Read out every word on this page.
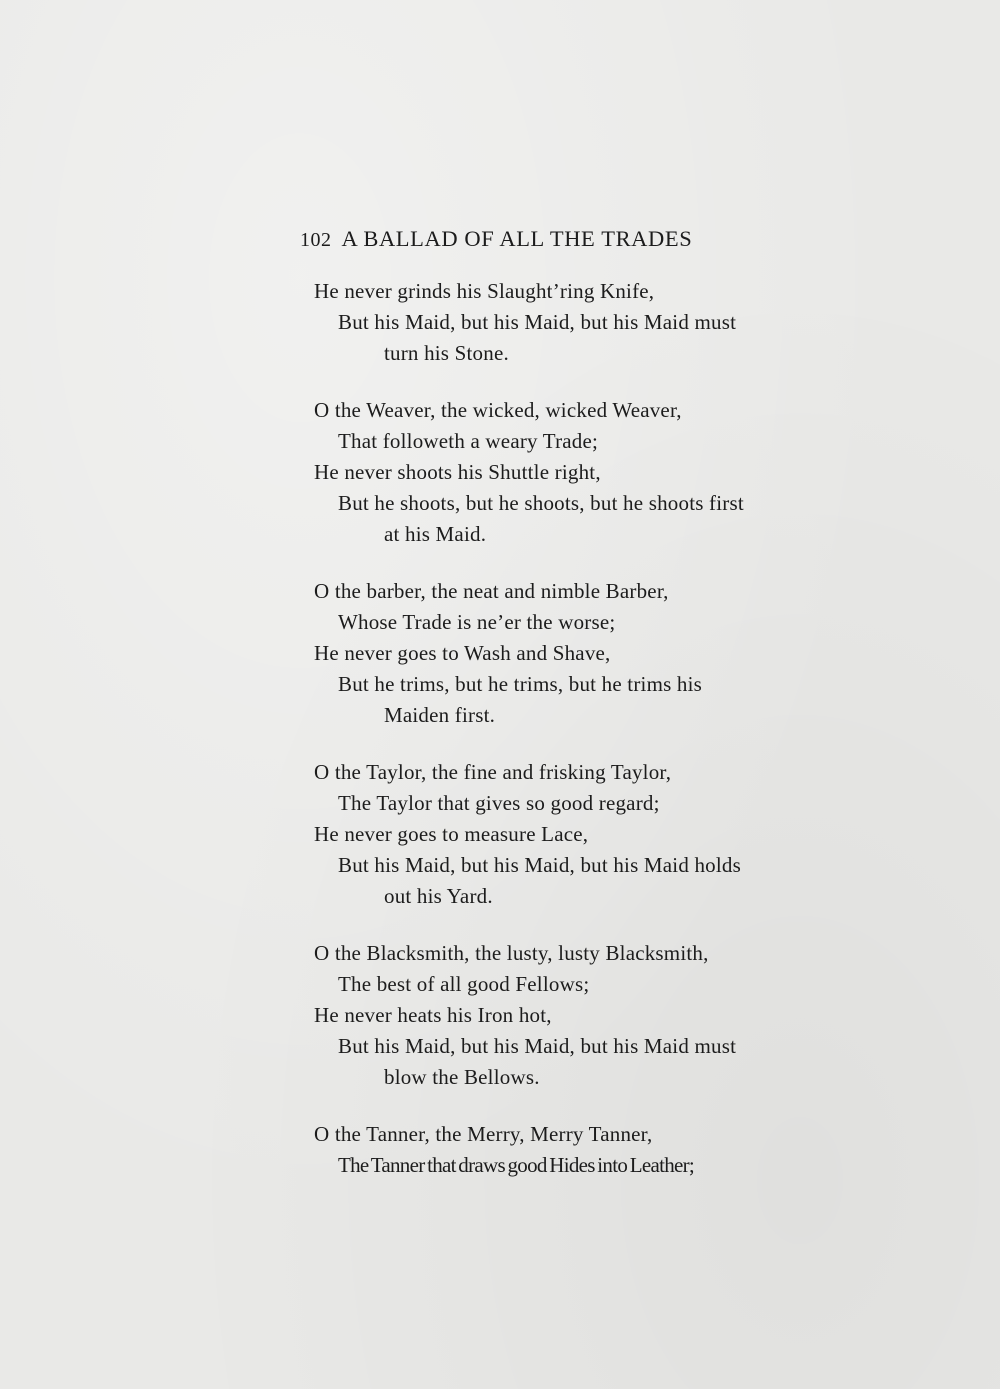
102 A BALLAD OF ALL THE TRADES
He never grinds his Slaught’ring Knife,
But his Maid, but his Maid, but his Maid must
turn his Stone.
O the Weaver, the wicked, wicked Weaver,
That followeth a weary Trade;
He never shoots his Shuttle right,
But he shoots, but he shoots, but he shoots first
at his Maid.
O the barber, the neat and nimble Barber,
Whose Trade is ne’er the worse;
He never goes to Wash and Shave,
But he trims, but he trims, but he trims his
Maiden first.
O the Taylor, the fine and frisking Taylor,
The Taylor that gives so good regard;
He never goes to measure Lace,
But his Maid, but his Maid, but his Maid holds
out his Yard.
O the Blacksmith, the lusty, lusty Blacksmith,
The best of all good Fellows;
He never heats his Iron hot,
But his Maid, but his Maid, but his Maid must
blow the Bellows.
O the Tanner, the Merry, Merry Tanner,
The Tanner that draws good Hides into Leather;
